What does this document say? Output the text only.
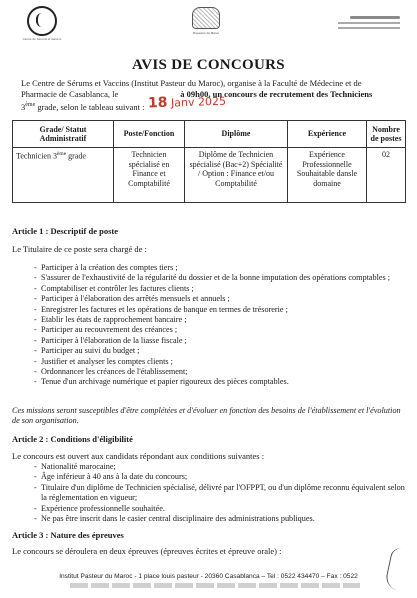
Centre de Sérums et Vaccins
Royaume du Maroc
AVIS DE CONCOURS
Le Centre de Sérums et Vaccins (Institut Pasteur du Maroc), organise à la Faculté de Médecine et de
Pharmacie de Casablanca, le	à 09h00, un concours de recrutement des Techniciens
3ème grade, selon le tableau suivant : 18 Janv 2025
Grade/ Statut Administratif	Poste/Fonction	Diplôme	Expérience	Nombre de postes
Technicien 3ème grade	Technicien spécialisé en Finance et Comptabilité	Diplôme de Technicien spécialisé (Bac+2) Spécialité / Option : Finance et/ou Comptabilité	Expérience Professionnelle Souhaitable dansle domaine	02
Article 1 : Descriptif de poste
Le Titulaire de ce poste sera chargé de :
- Participer à la création des comptes tiers ;
- S'assurer de l'exhaustivité de la régularité du dossier et de la bonne imputation des opérations comptables ;
- Comptabiliser et contrôler les factures clients ;
- Participer à l'élaboration des arrêtés mensuels et annuels ;
- Enregistrer les factures et les opérations de banque en termes de trésorerie ;
- Etablir les états de rapprochement bancaire ;
- Participer au recouvrement des créances ;
- Participer à l'élaboration de la liasse fiscale ;
- Participer au suivi du budget ;
- Justifier et analyser les comptes clients ;
- Ordonnancer les créances de l'établissement;
- Tenue d'un archivage numérique et papier rigoureux des pièces comptables.
Ces missions seront susceptibles d'être complétées et d'évoluer en fonction des besoins de l'établissement et l'évolution de son organisation.
Article 2 : Conditions d'éligibilité
Le concours est ouvert aux candidats répondant aux conditions suivantes :
- Nationalité marocaine;
- Âge inférieur à 40 ans à la date du concours;
- Titulaire d'un diplôme de Technicien spécialisé, délivré par l'OFPPT, ou d'un diplôme reconnu équivalent selon la réglementation en vigueur;
- Expérience professionnelle souhaitée.
- Ne pas être inscrit dans le casier central disciplinaire des administrations publiques.
Article 3 : Nature des épreuves
Le concours se déroulera en deux épreuves (épreuves écrites et épreuve orale) :
Institut Pasteur du Maroc - 1 place louis pasteur - 20360 Casablanca – Tel : 0522 434470 – Fax : 0522
